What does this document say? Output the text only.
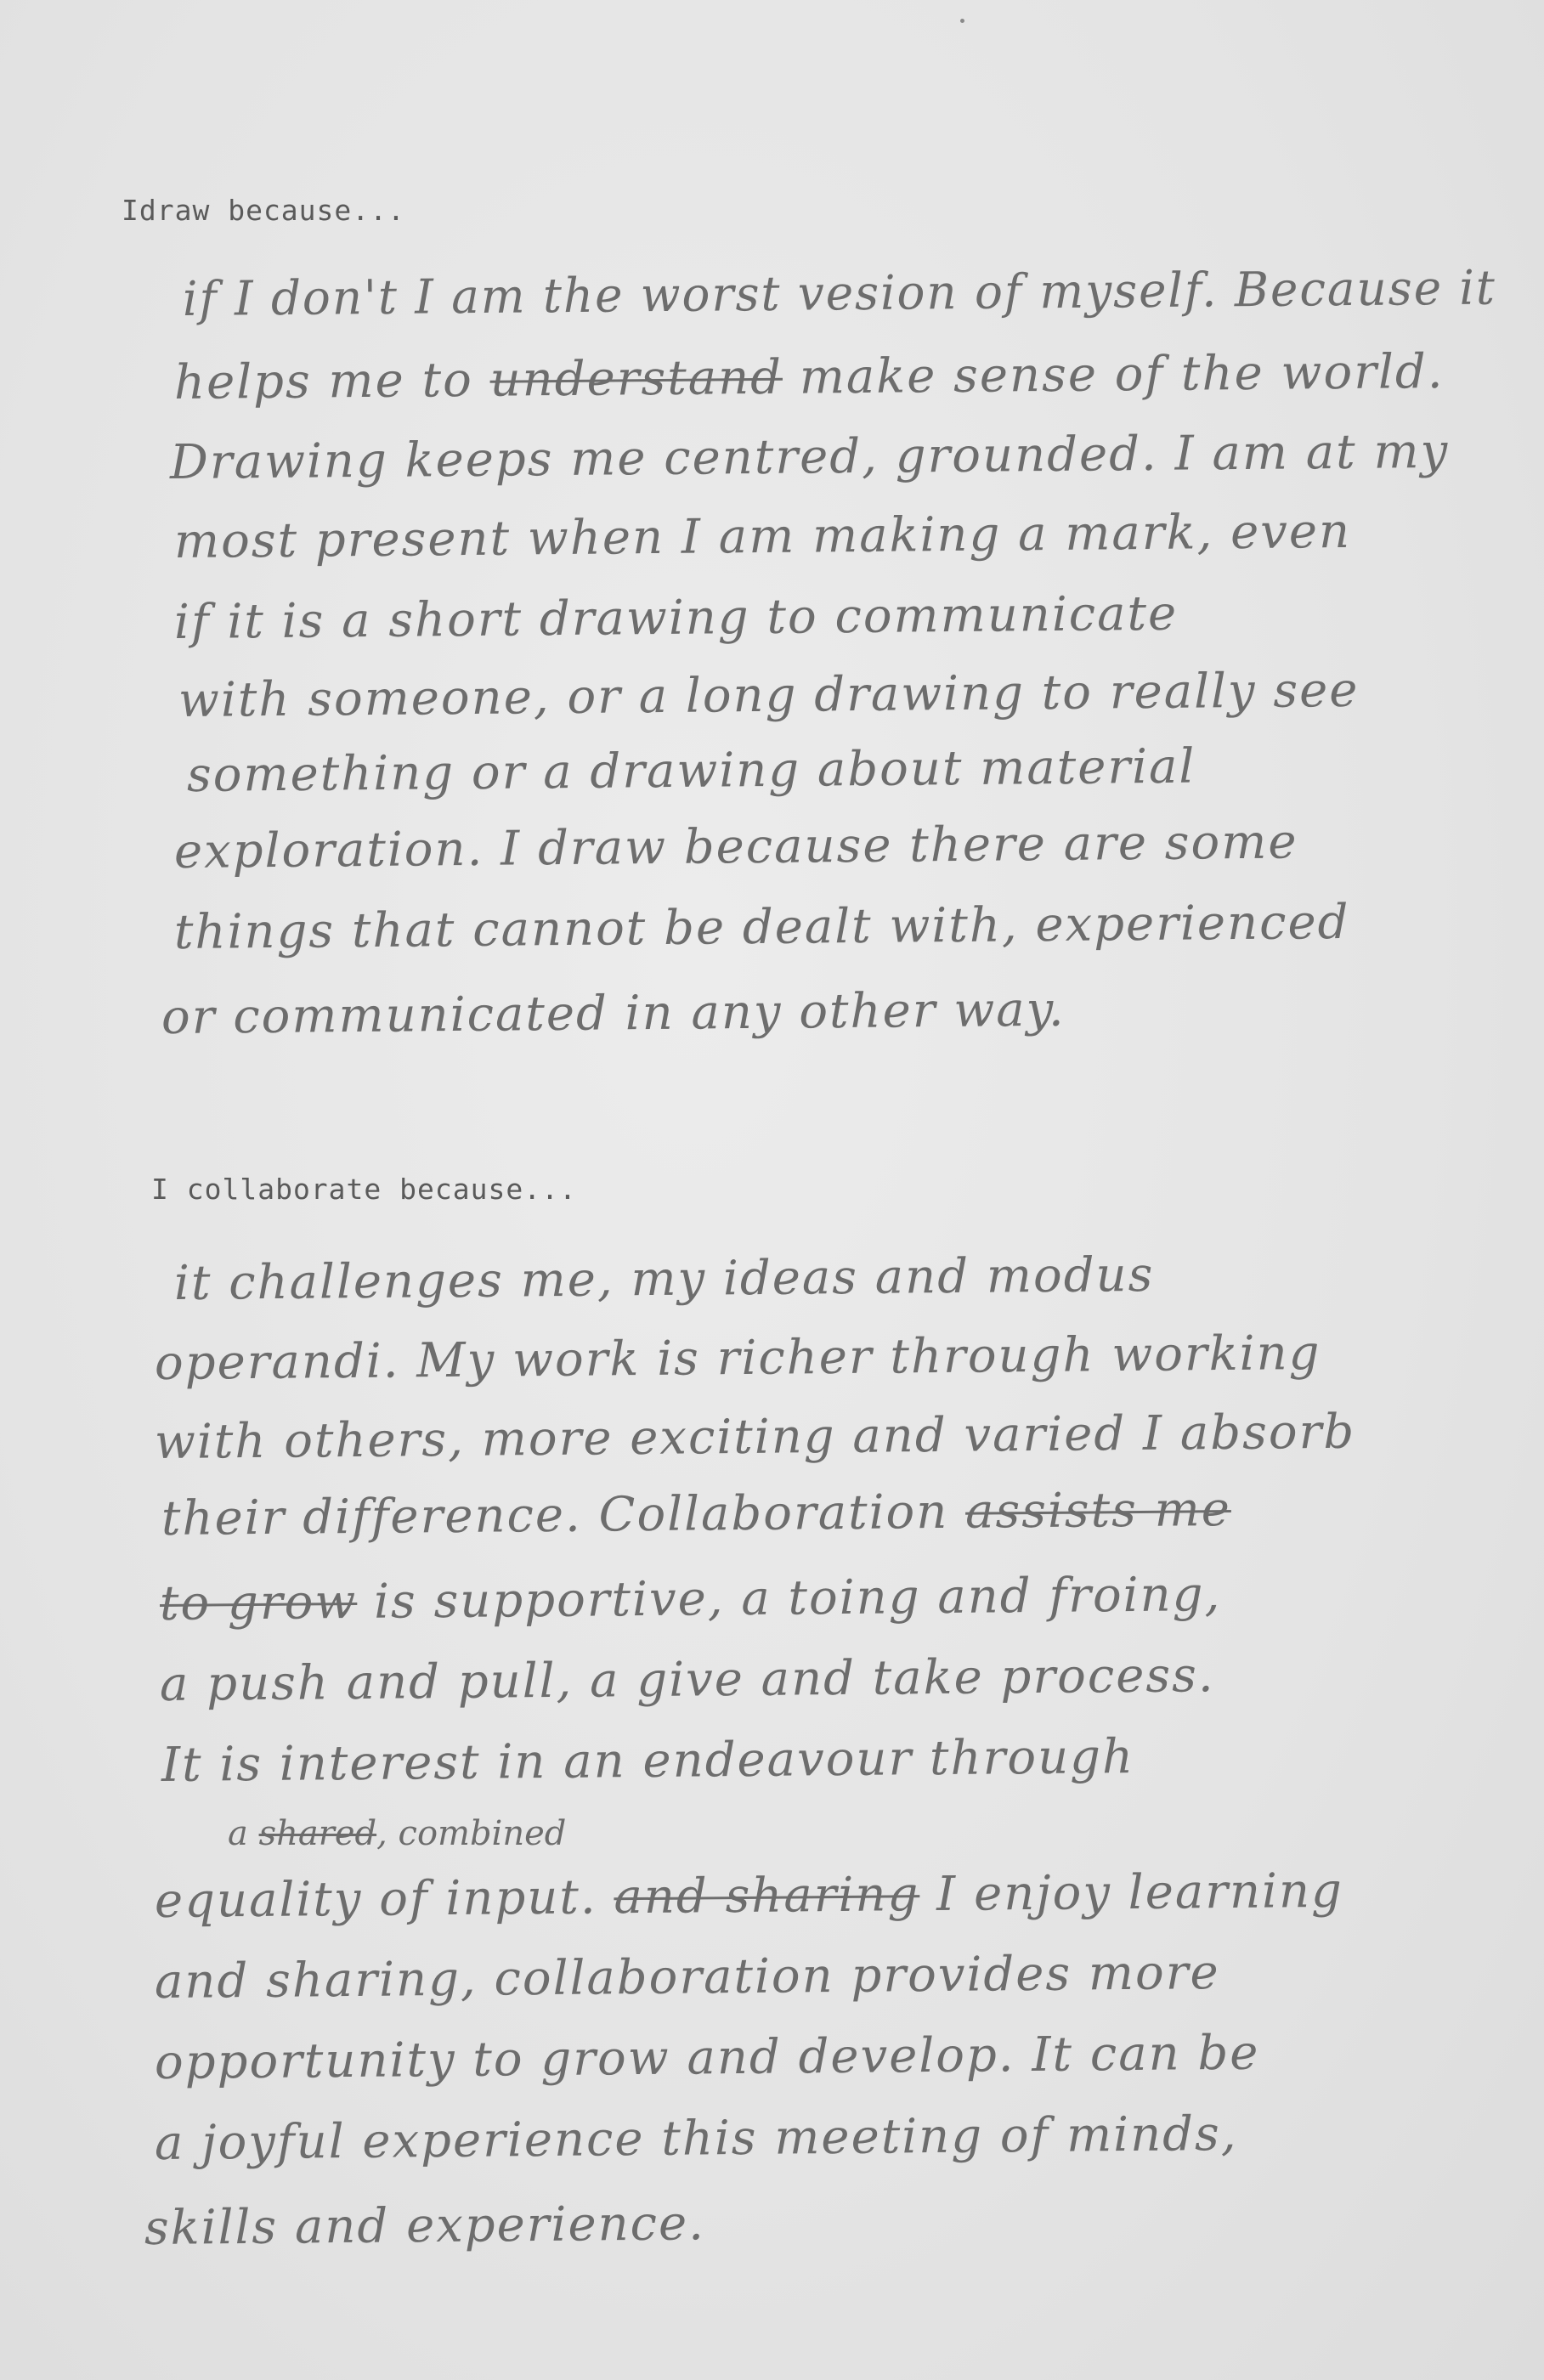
Idraw because...
if I don't I am the worst vesion of myself. Because it
helps me to understand make sense of the world.
Drawing keeps me centred, grounded. I am at my
most present when I am making a mark, even
if it is a short drawing to communicate
with someone, or a long drawing to really see
something or a drawing about material
exploration. I draw because there are some
things that cannot be dealt with, experienced
or communicated in any other way.
I collaborate because...
it challenges me, my ideas and modus
operandi. My work is richer through working
with others, more exciting and varied I absorb
their difference. Collaboration assists me
to grow is supportive, a toing and froing,
a push and pull, a give and take process.
It is interest in an endeavour through
a shared, combined
equality of input. and sharing I enjoy learning
and sharing, collaboration provides more
opportunity to grow and develop. It can be
a joyful experience this meeting of minds,
skills and experience.
